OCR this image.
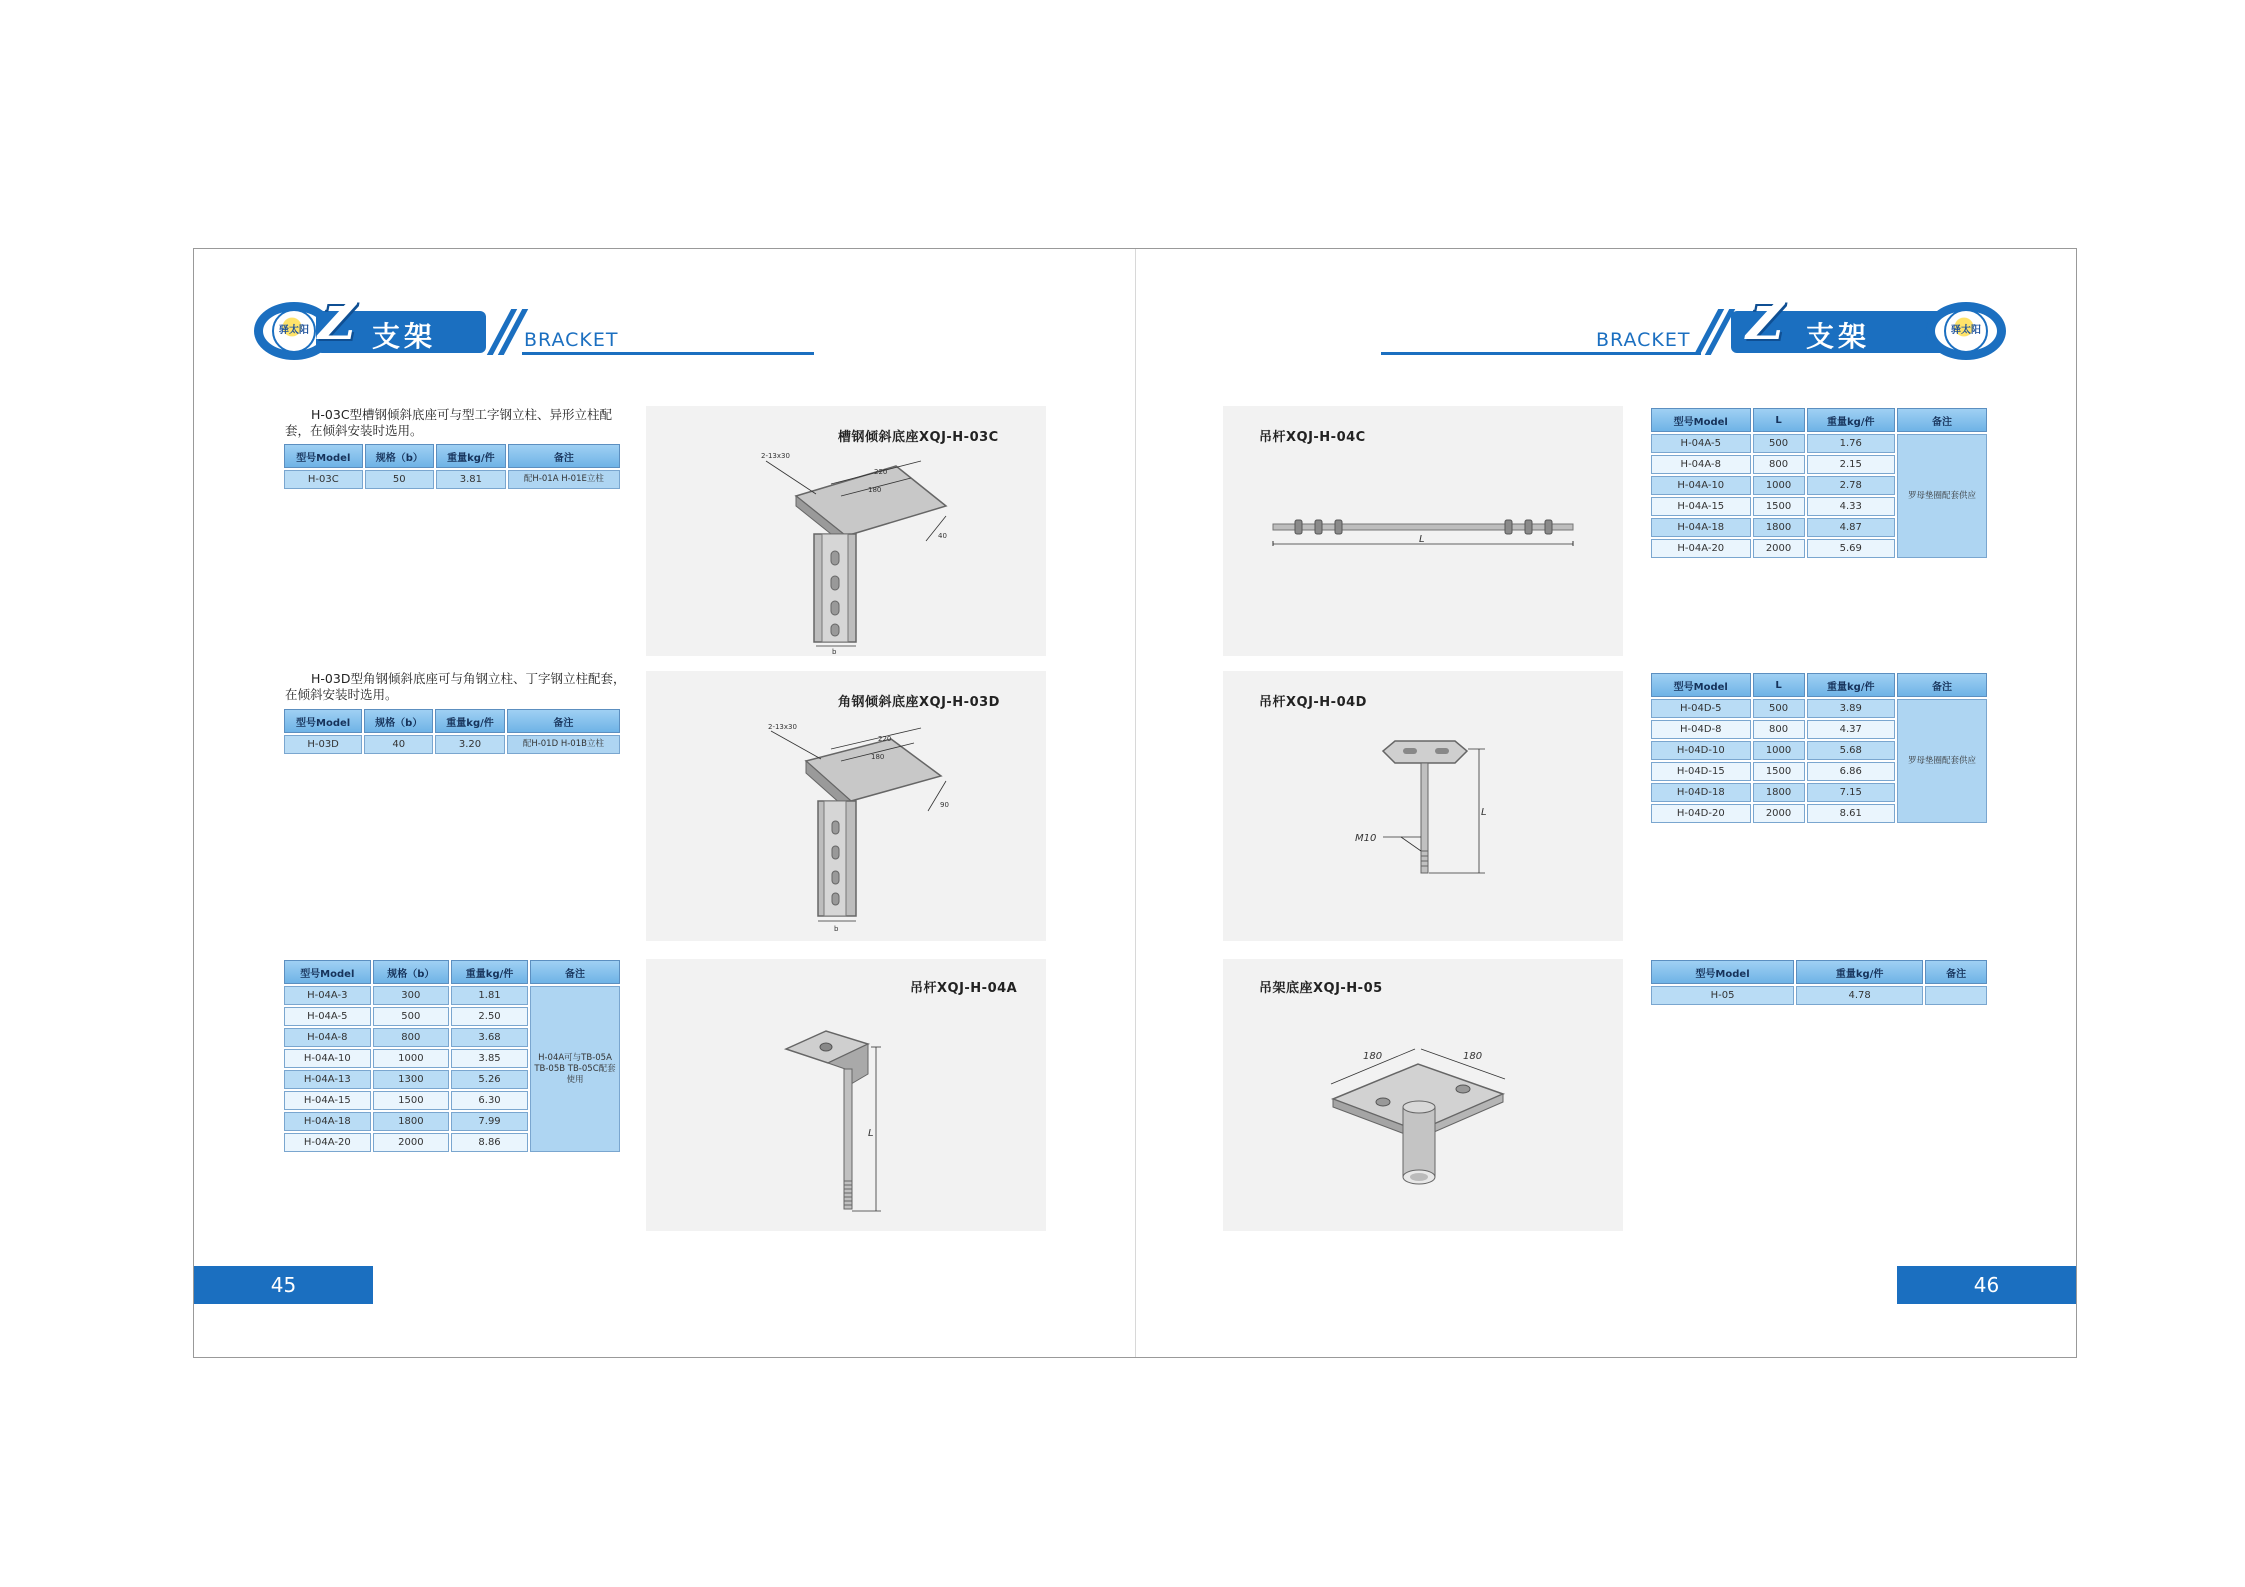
驿太阳 Z 支架	BRACKET
H-03C型槽钢倾斜底座可与型工字钢立柱、异形立柱配套，在倾斜安装时选用。
型号Model	规格（b）	重量kg/件	备注
H-03C	50	3.81	配H-01A H-01E立柱
槽钢倾斜底座XQJ-H-03C
2-13x30
220
180
40
b
H-03D型角钢倾斜底座可与角钢立柱、丁字钢立柱配套，在倾斜安装时选用。
型号Model	规格（b）	重量kg/件	备注
H-03D	40	3.20	配H-01D H-01B立柱
角钢倾斜底座XQJ-H-03D
2-13x30
220
180
90
b
型号Model	规格（b）	重量kg/件	备注
H-04A-3	300	1.81	H-04A可与TB-05A TB-05B TB-05C配套使用
H-04A-5	500	2.50	
H-04A-8	800	3.68	
H-04A-10	1000	3.85	
H-04A-13	1300	5.26	
H-04A-15	1500	6.30	
H-04A-18	1800	7.99	
H-04A-20	2000	8.86	
吊杆XQJ-H-04A
L
45
BRACKET Z 支架	驿太阳
吊杆XQJ-H-04C
L
型号Model	L	重量kg/件	备注
H-04A-5	500	1.76	罗母垫圈配套供应
H-04A-8	800	2.15	
H-04A-10	1000	2.78	
H-04A-15	1500	4.33	
H-04A-18	1800	4.87	
H-04A-20	2000	5.69	
吊杆XQJ-H-04D
L
M10
型号Model	L	重量kg/件	备注
H-04D-5	500	3.89	罗母垫圈配套供应
H-04D-8	800	4.37	
H-04D-10	1000	5.68	
H-04D-15	1500	6.86	
H-04D-18	1800	7.15	
H-04D-20	2000	8.61	
吊架底座XQJ-H-05
180	180
型号Model	重量kg/件	备注
H-05	4.78	
46
